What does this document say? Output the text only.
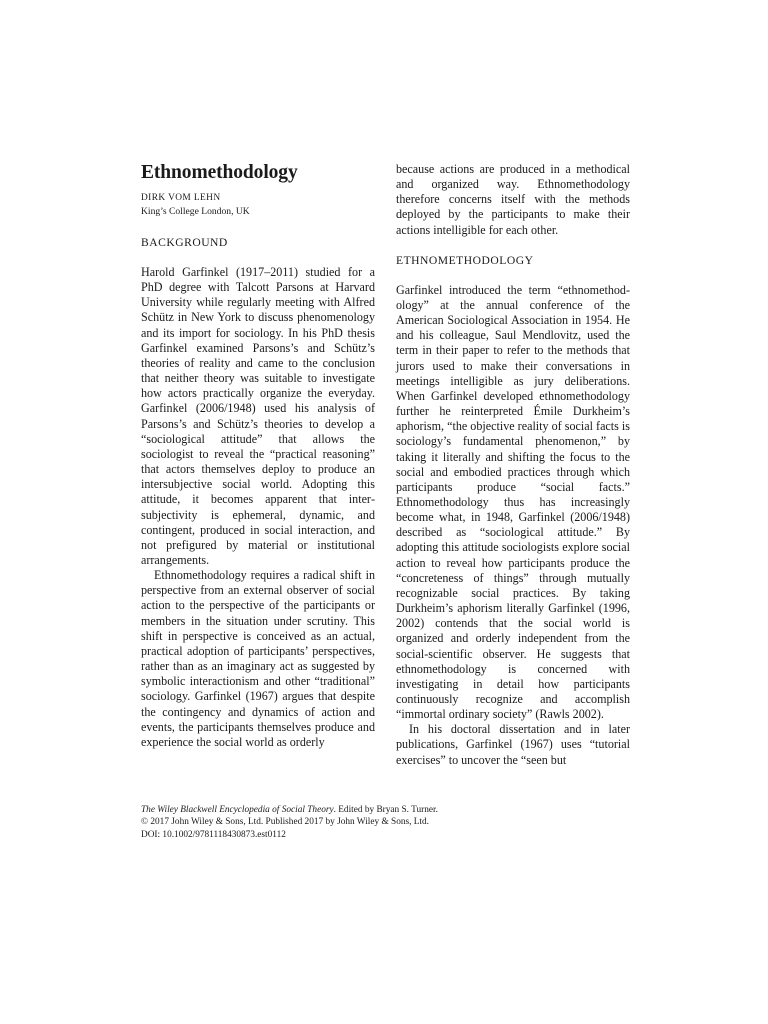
Ethnomethodology
DIRK VOM LEHN
King’s College London, UK
BACKGROUND

Harold Garfinkel (1917–2011) studied for a PhD degree with Talcott Parsons at Harvard University while regularly meeting with Alfred Schütz in New York to discuss phenomenology and its import for sociology. In his PhD thesis Garfinkel examined Parsons’s and Schütz’s theories of reality and came to the conclusion that neither theory was suitable to investigate how actors practically organize the everyday. Garfinkel (2006/1948) used his analysis of Parsons’s and Schütz’s theories to develop a “sociological attitude” that allows the sociologist to reveal the “practical reasoning” that actors themselves deploy to produce an intersubjective social world. Adopting this attitude, it becomes apparent that intersubjectivity is ephemeral, dynamic, and contingent, produced in social interaction, and not prefigured by material or institutional arrangements.

Ethnomethodology requires a radical shift in perspective from an external observer of social action to the perspective of the participants or members in the situation under scrutiny. This shift in perspective is conceived as an actual, practical adoption of participants’ perspectives, rather than as an imaginary act as suggested by symbolic interactionism and other “traditional” sociology. Garfinkel (1967) argues that despite the contingency and dynamics of action and events, the participants themselves produce and experience the social world as orderly

because actions are produced in a methodical and organized way. Ethnomethodology therefore concerns itself with the methods deployed by the participants to make their actions intelligible for each other.

ETHNOMETHODOLOGY

Garfinkel introduced the term “ethnomethodology” at the annual conference of the American Sociological Association in 1954. He and his colleague, Saul Mendlovitz, used the term in their paper to refer to the methods that jurors used to make their conversations in meetings intelligible as jury deliberations. When Garfinkel developed ethnomethodology further he reinterpreted Émile Durkheim’s aphorism, “the objective reality of social facts is sociology’s fundamental phenomenon,” by taking it literally and shifting the focus to the social and embodied practices through which participants produce “social facts.” Ethnomethodology thus has increasingly become what, in 1948, Garfinkel (2006/1948) described as “sociological attitude.” By adopting this attitude sociologists explore social action to reveal how participants produce the “concreteness of things” through mutually recognizable social practices. By taking Durkheim’s aphorism literally Garfinkel (1996, 2002) contends that the social world is organized and orderly independent from the social-scientific observer. He suggests that ethnomethodology is concerned with investigating in detail how participants continuously recognize and accomplish “immortal ordinary society” (Rawls 2002).

In his doctoral dissertation and in later publications, Garfinkel (1967) uses “tutorial exercises” to uncover the “seen but

The Wiley Blackwell Encyclopedia of Social Theory. Edited by Bryan S. Turner.
© 2017 John Wiley & Sons, Ltd. Published 2017 by John Wiley & Sons, Ltd.
DOI: 10.1002/9781118430873.est0112
